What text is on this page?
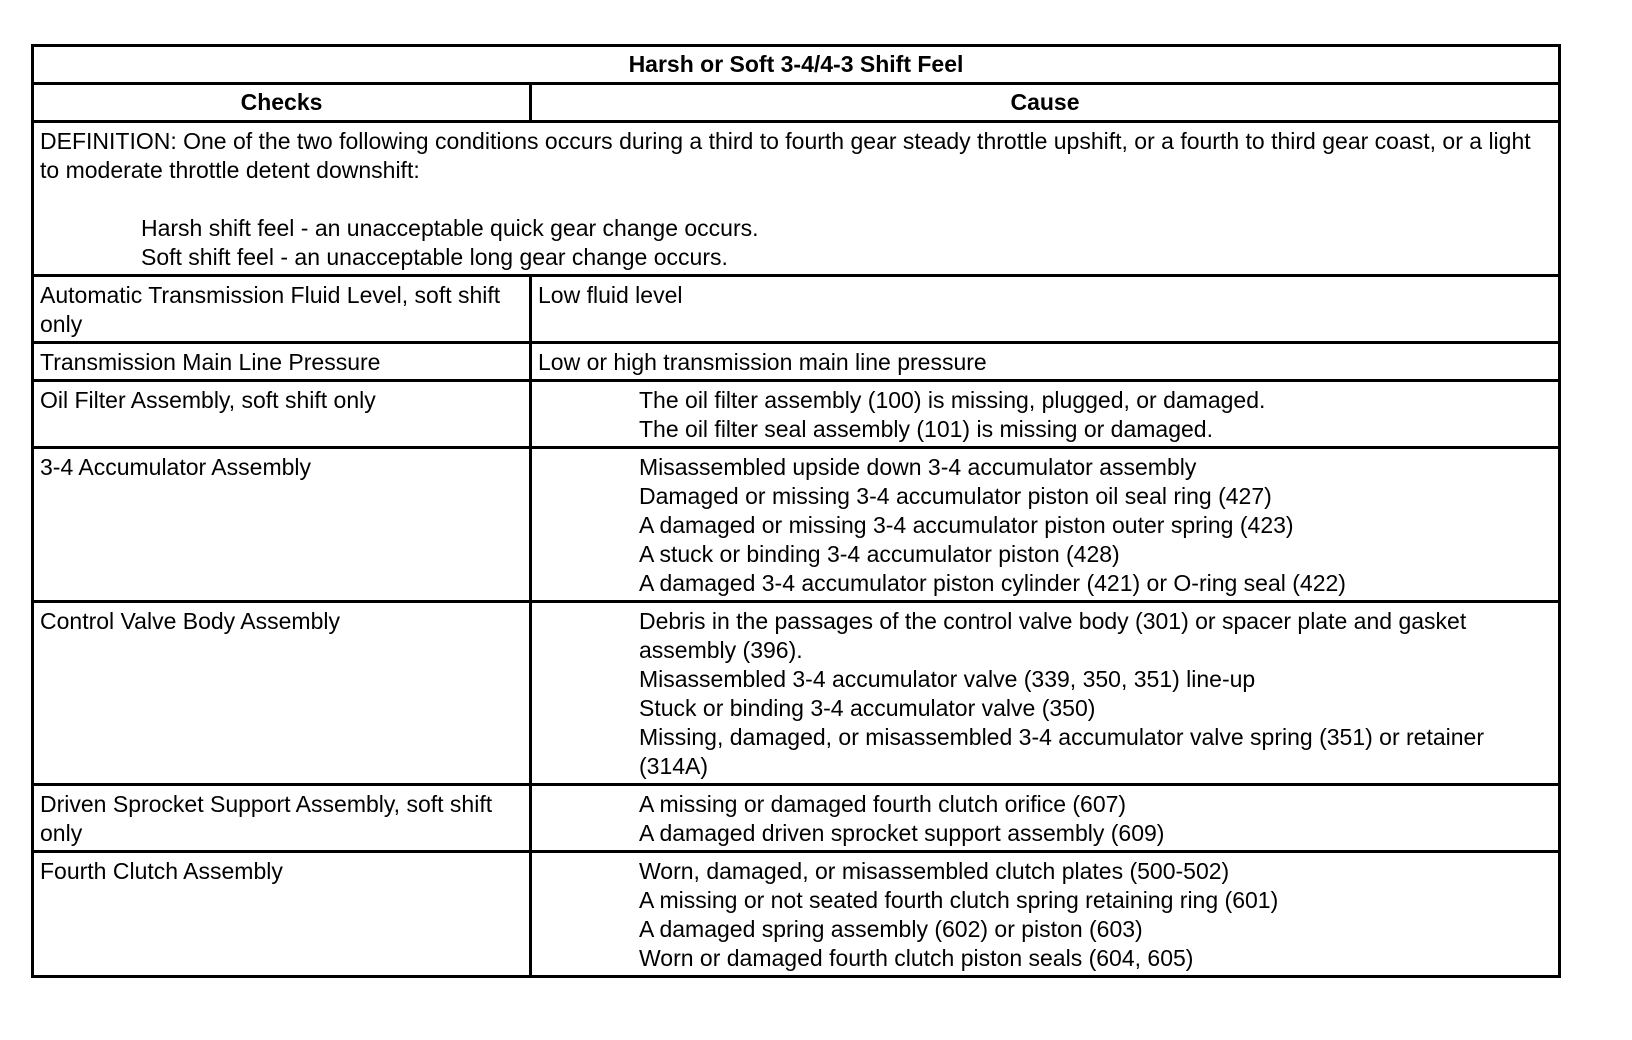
Harsh or Soft 3-4/4-3 Shift Feel	
Checks	Cause

DEFINITION: One of the two following conditions occurs during a third to fourth gear steady throttle upshift, or a fourth to third gear coast, or a light to moderate throttle detent downshift:
Harsh shift feel - an unacceptable quick gear change occurs.
Soft shift feel - an unacceptable long gear change occurs.	

Automatic Transmission Fluid Level, soft shift only	Low fluid level

Transmission Main Line Pressure	Low or high transmission main line pressure

Oil Filter Assembly, soft shift only	The oil filter assembly (100) is missing, plugged, or damaged.
The oil filter seal assembly (101) is missing or damaged.

3-4 Accumulator Assembly	Misassembled upside down 3-4 accumulator assembly
Damaged or missing 3-4 accumulator piston oil seal ring (427)
A damaged or missing 3-4 accumulator piston outer spring (423)
A stuck or binding 3-4 accumulator piston (428)
A damaged 3-4 accumulator piston cylinder (421) or O-ring seal (422)

Control Valve Body Assembly	Debris in the passages of the control valve body (301) or spacer plate and gasket assembly (396).
Misassembled 3-4 accumulator valve (339, 350, 351) line-up
Stuck or binding 3-4 accumulator valve (350)
Missing, damaged, or misassembled 3-4 accumulator valve spring (351) or retainer (314A)

Driven Sprocket Support Assembly, soft shift only	A missing or damaged fourth clutch orifice (607)
A damaged driven sprocket support assembly (609)

Fourth Clutch Assembly	Worn, damaged, or misassembled clutch plates (500-502)
A missing or not seated fourth clutch spring retaining ring (601)
A damaged spring assembly (602) or piston (603)
Worn or damaged fourth clutch piston seals (604, 605)
